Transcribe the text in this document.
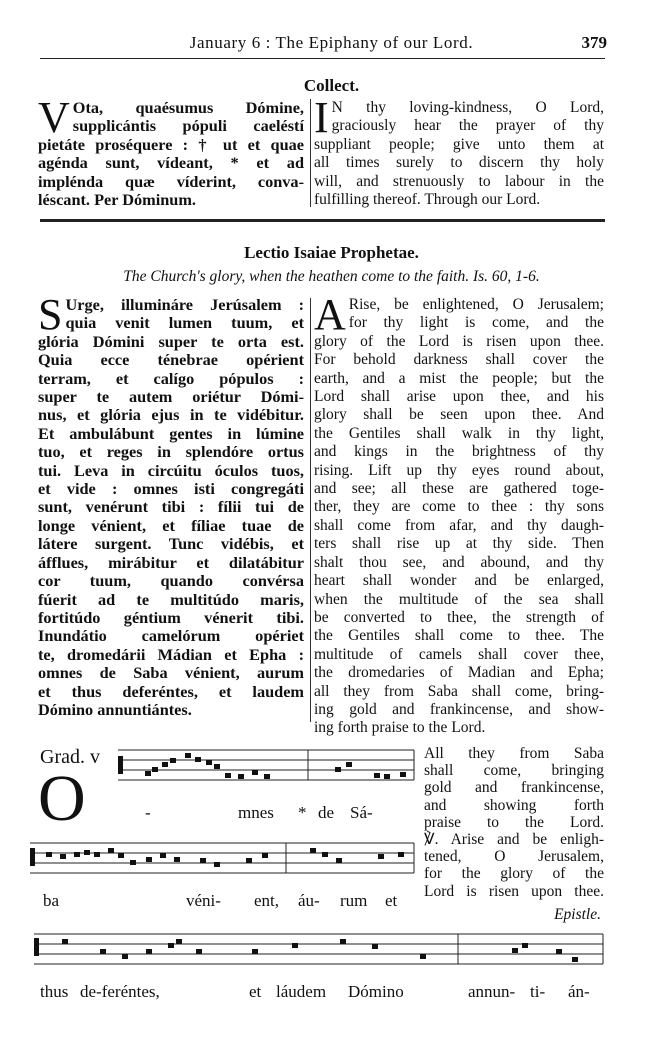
January 6 : The Epiphany of our Lord.	379
Collect.
V Ota, quaésumus Dómine,
supplicántis pópuli caeléstí
pietáte proséquere : † ut et quae
agénda sunt, vídeant, * et ad
impléndа quæ víderint, conva-
léscant. Per Dóminum.
I N thy loving-kindness, O Lord,
graciously hear the prayer of thy
suppliant people; give unto them at
all times surely to discern thy holy
will, and strenuously to labour in the
fulfilling thereof. Through our Lord.
Lectio Isaiae Prophetae.
The Church's glory, when the heathen come to the faith. Is. 60, 1-6.
S Urge, illumináre Jerúsalem :
quia venit lumen tuum, et
glória Dómini super te orta est.
Quia ecce ténebrae opérient
terram, et calígo pópulos :
super te autem oriétur Dómi-
nus, et glória ejus in te vidébitur.
Et ambulábunt gentes in lúmine
tuo, et reges in splendóre ortus
tui. Leva in circúitu óculos tuos,
et vide : omnes isti congregáti
sunt, venérunt tibi : fílii tui de
longe vénient, et fíliae tuae de
látere surgent. Tunc vidébis, et
áfflues, mirábitur et dilatábitur
cor tuum, quando convérsa
fúerit ad te multitúdo maris,
fortitúdo géntium vénerit tibi.
Inundátio camelórum opériet
te, dromedárii Mádian et Epha :
omnes de Saba vénient, aurum
et thus deferéntes, et laudem
Dómino annuntiántes.
A Rise, be enlightened, O Jerusalem;
for thy light is come, and the
glory of the Lord is risen upon thee.
For behold darkness shall cover the
earth, and a mist the people; but the
Lord shall arise upon thee, and his
glory shall be seen upon thee. And
the Gentiles shall walk in thy light,
and kings in the brightness of thy
rising. Lift up thy eyes round about,
and see; all these are gathered toge-
ther, they are come to thee : thy sons
shall come from afar, and thy daugh-
ters shall rise up at thy side. Then
shalt thou see, and abound, and thy
heart shall wonder and be enlarged,
when the multitude of the sea shall
be converted to thee, the strength of
the Gentiles shall come to thee. The
multitude of camels shall cover thee,
the dromedaries of Madian and Epha;
all they from Saba shall come, bring-
ing gold and frankincense, and show-
ing forth praise to the Lord.
Grad. v
O	-	mnes * de Sá-
ba	véni- ent, áu- rum et
thus de-feréntes,	et láudem Dómino	annun- ti- án-
All they from Saba
shall come, bringing
gold and frankincense,
and showing forth
praise to the Lord.
℣. Arise and be enligh-
tened, O Jerusalem,
for the glory of the
Lord is risen upon thee.
Epistle.
